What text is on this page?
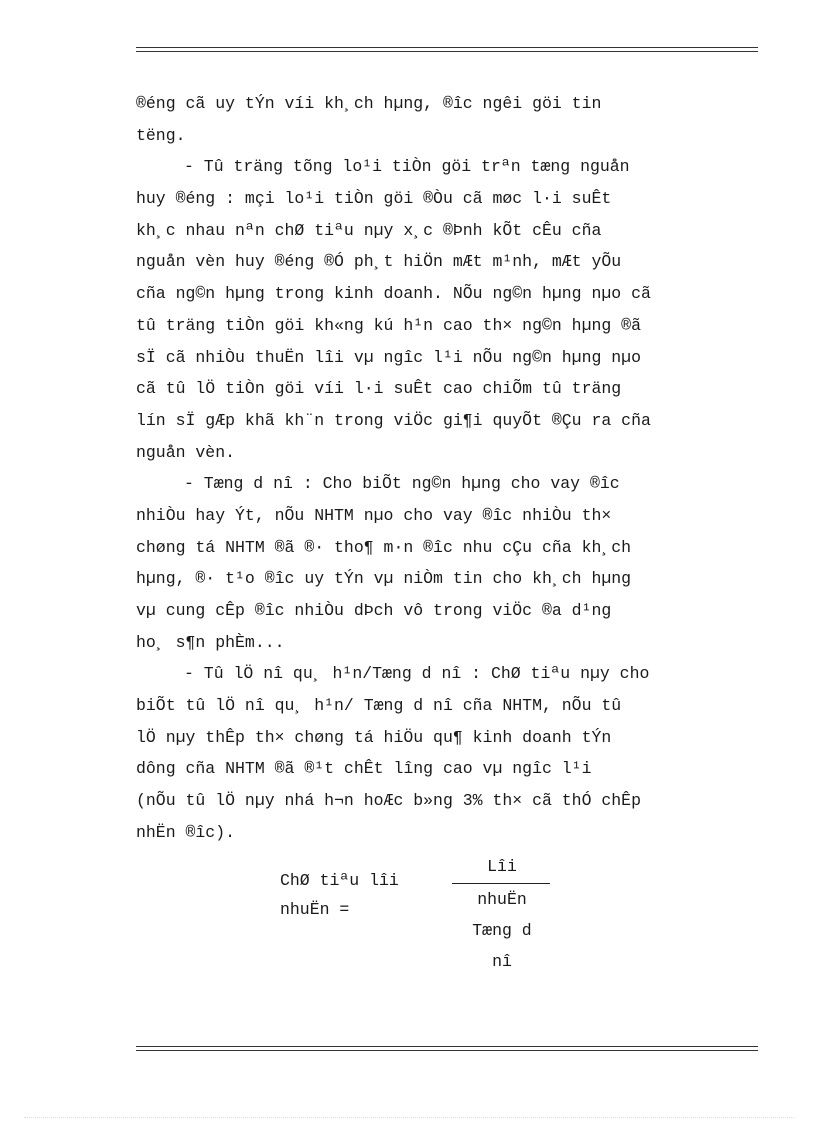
®éng cã uy tÝn víi kh¸ch hµng, ®îc ngêi göi tin
tëng.
- Tû träng tõng lo¹i tiÒn göi trªn tæng nguån
huy ®éng : mçi lo¹i tiÒn göi ®Òu cã møc l·i suÊt
kh¸c nhau nªn chØ tiªu nµy x¸c ®Þnh kÕt cÊu cña
nguån vèn huy ®éng ®Ó ph¸t hiÖn mÆt m¹nh, mÆt yÕu
cña ng©n hµng trong kinh doanh. NÕu ng©n hµng nµo cã
tû träng tiÒn göi kh«ng kú h¹n cao th× ng©n hµng ®ã
sÏ cã nhiÒu thuËn lîi vµ ngîc l¹i nÕu ng©n hµng nµo
cã tû lÖ tiÒn göi víi l·i suÊt cao chiÕm tû träng
lín sÏ gÆp khã kh¨n trong viÖc gi¶i quyÕt ®Çu ra cña
nguån vèn.
- Tæng d nî : Cho biÕt ng©n hµng cho vay ®îc
nhiÒu hay Ýt, nÕu NHTM nµo cho vay ®îc nhiÒu th×
chøng tá NHTM ®ã ®· tho¶ m·n ®îc nhu cÇu cña kh¸ch
hµng, ®· t¹o ®îc uy tÝn vµ niÒm tin cho kh¸ch hµng
vµ cung cÊp ®îc nhiÒu dÞch vô trong viÖc ®a d¹ng
ho¸ s¶n phÈm...
- Tû lÖ nî qu¸ h¹n/Tæng d nî : ChØ tiªu nµy cho
biÕt tû lÖ nî qu¸ h¹n/ Tæng d nî cña NHTM, nÕu tû
lÖ nµy thÊp th× chøng tá hiÖu qu¶ kinh doanh tÝn
dông cña NHTM ®ã ®¹t chÊt lîng cao vµ ngîc l¹i
(nÕu tû lÖ nµy nhá h¬n hoÆc b»ng 3% th× cã thÓ chÊp
nhËn ®îc).
ChØ tiªu lîi
nhuËn =
Lîi
nhuËn
Tæng d
nî
